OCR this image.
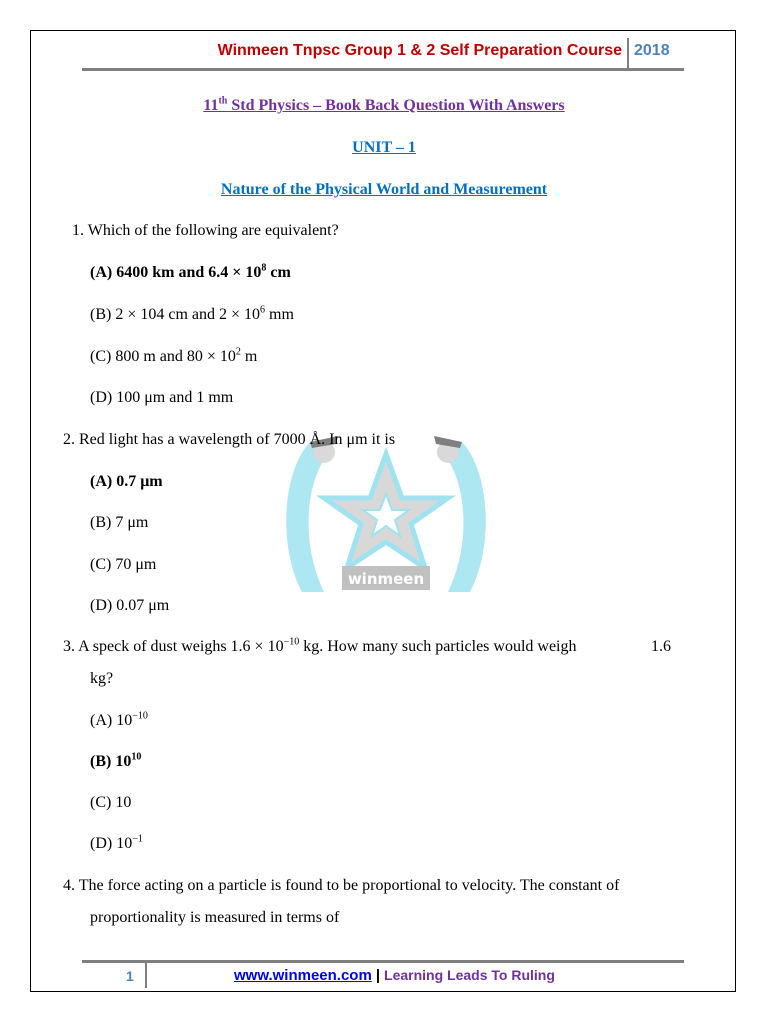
Winmeen Tnpsc Group 1 & 2 Self Preparation Course 2018
11th Std Physics – Book Back Question With Answers
UNIT – 1
Nature of the Physical World and Measurement
winmeen
1. Which of the following are equivalent?
(A) 6400 km and $6.4 \times 10^8$ cm
(B) 2 × 104 cm and $2 \times 10^6$ mm
(C) 800 m and $80 \times 10^2$ m
(D) 100 μm and 1 mm
2. Red light has a wavelength of 7000 Å. In μm it is
(A) 0.7 μm
(B) 7 μm
(C) 70 μm
(D) 0.07 μm
3. A speck of dust weighs $1.6 \times 10^{-10}$ kg. How many such particles would weigh	1.6
kg?
(A) $10^{-10}$
(B) $10^{10}$
(C) 10
(D) $10^{-1}$
4. The force acting on a particle is found to be proportional to velocity. The constant of
proportionality is measured in terms of
1	www.winmeen.com | Learning Leads To Ruling
